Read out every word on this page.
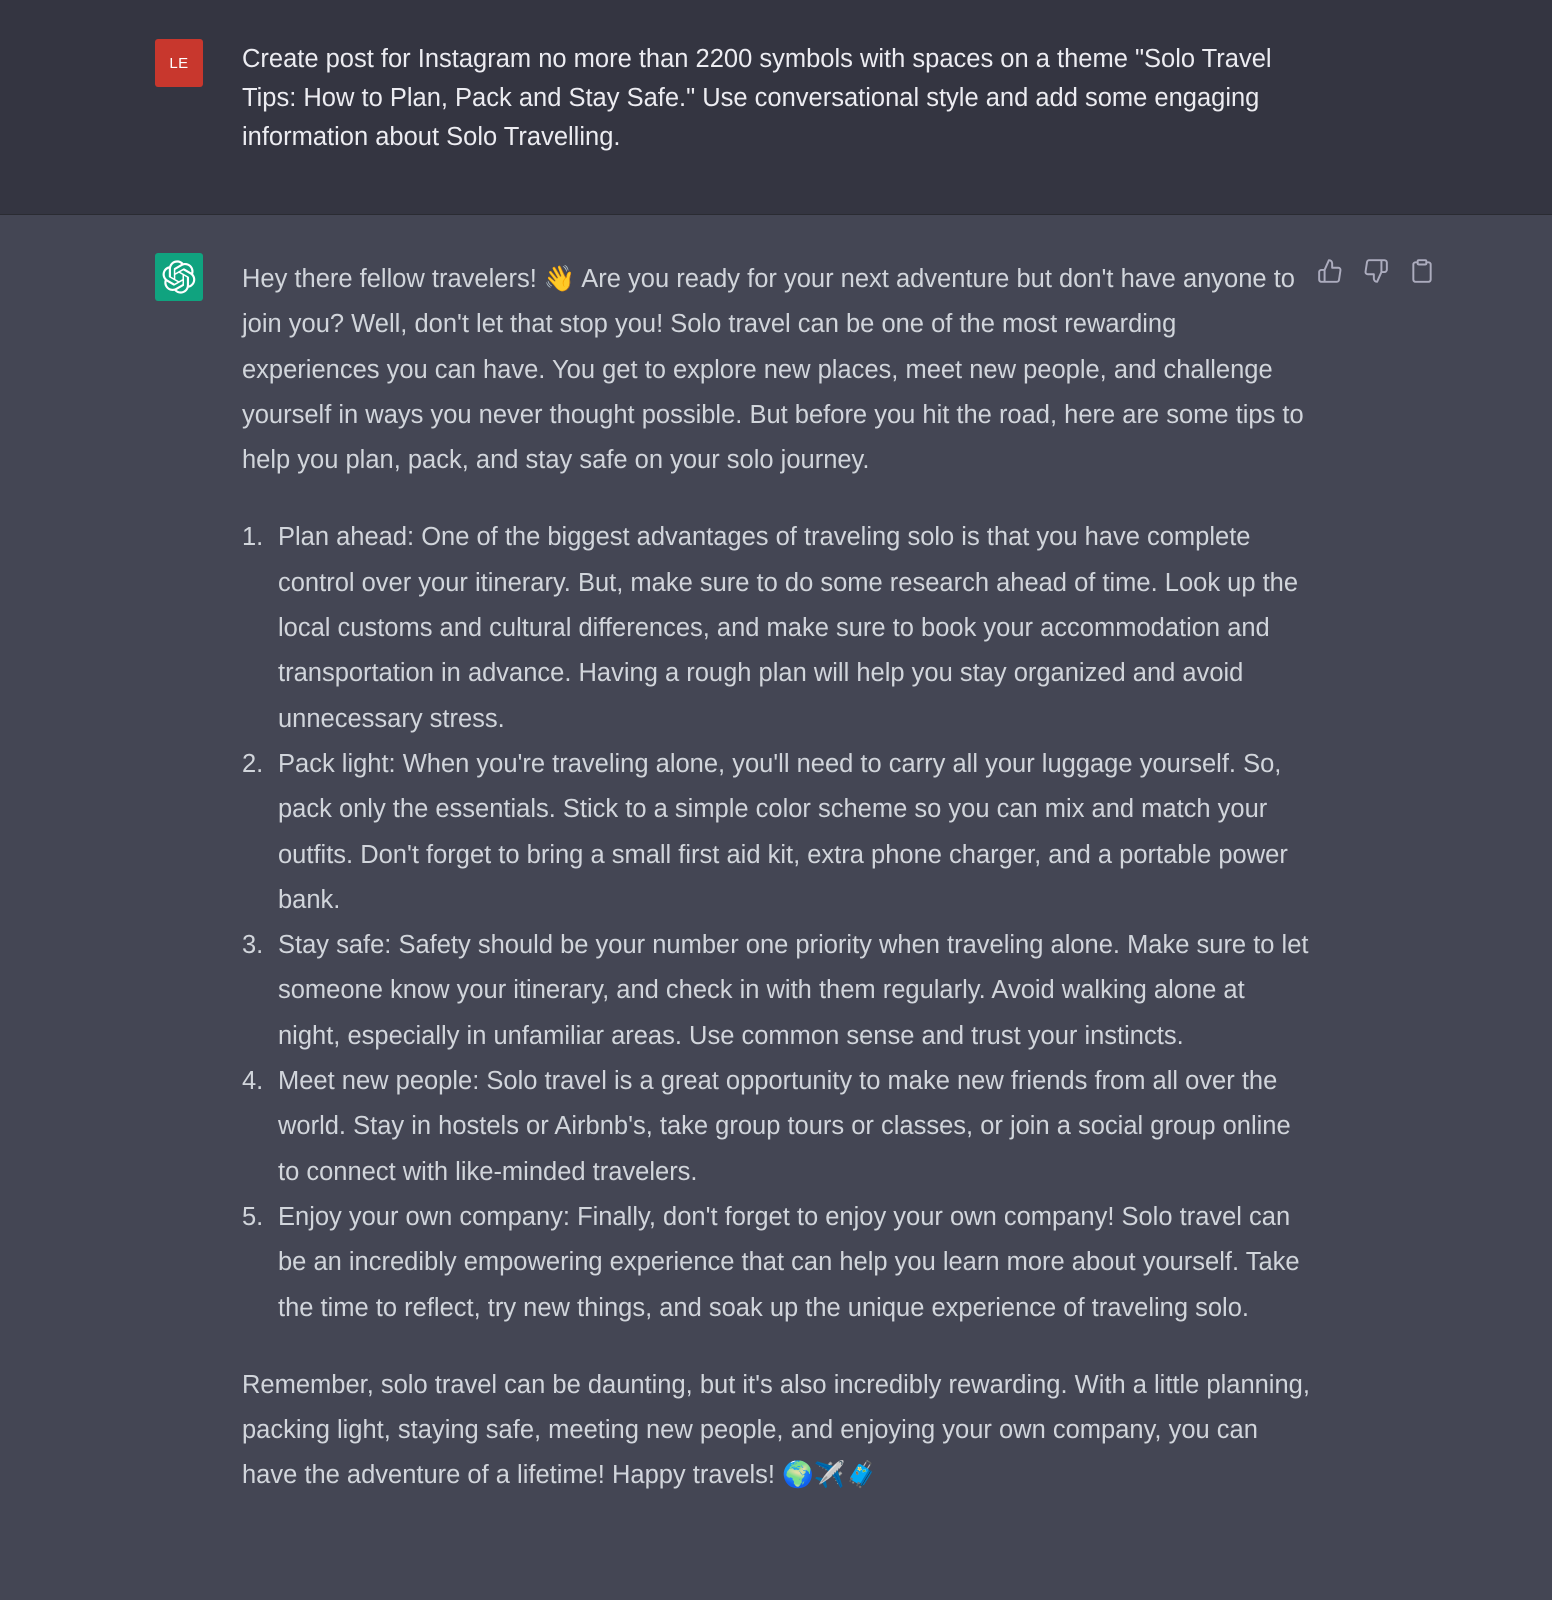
LE Create post for Instagram no more than 2200 symbols with spaces on a theme "Solo Travel Tips: How to Plan, Pack and Stay Safe." Use conversational style and add some engaging information about Solo Travelling.

Hey there fellow travelers! 👋 Are you ready for your next adventure but don't have anyone to join you? Well, don't let that stop you! Solo travel can be one of the most rewarding experiences you can have. You get to explore new places, meet new people, and challenge yourself in ways you never thought possible. But before you hit the road, here are some tips to help you plan, pack, and stay safe on your solo journey.

1. Plan ahead: One of the biggest advantages of traveling solo is that you have complete control over your itinerary. But, make sure to do some research ahead of time. Look up the local customs and cultural differences, and make sure to book your accommodation and transportation in advance. Having a rough plan will help you stay organized and avoid unnecessary stress.
2. Pack light: When you're traveling alone, you'll need to carry all your luggage yourself. So, pack only the essentials. Stick to a simple color scheme so you can mix and match your outfits. Don't forget to bring a small first aid kit, extra phone charger, and a portable power bank.
3. Stay safe: Safety should be your number one priority when traveling alone. Make sure to let someone know your itinerary, and check in with them regularly. Avoid walking alone at night, especially in unfamiliar areas. Use common sense and trust your instincts.
4. Meet new people: Solo travel is a great opportunity to make new friends from all over the world. Stay in hostels or Airbnb's, take group tours or classes, or join a social group online to connect with like-minded travelers.
5. Enjoy your own company: Finally, don't forget to enjoy your own company! Solo travel can be an incredibly empowering experience that can help you learn more about yourself. Take the time to reflect, try new things, and soak up the unique experience of traveling solo.

Remember, solo travel can be daunting, but it's also incredibly rewarding. With a little planning, packing light, staying safe, meeting new people, and enjoying your own company, you can have the adventure of a lifetime! Happy travels! 🌍✈️🧳
